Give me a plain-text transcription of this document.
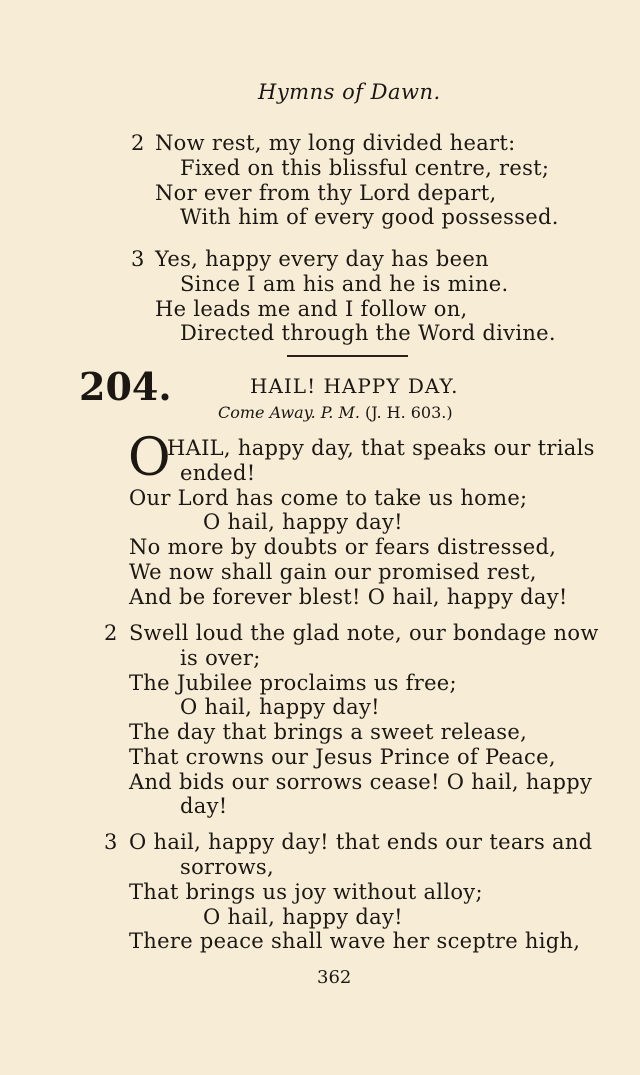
Hymns of Dawn.
2 Now rest, my long divided heart:
Fixed on this blissful centre, rest;
Nor ever from thy Lord depart,
With him of every good possessed.
3 Yes, happy every day has been
Since I am his and he is mine.
He leads me and I follow on,
Directed through the Word divine.
204.	HAIL! HAPPY DAY.
Come Away. P. M. (J. H. 603.)
O
HAIL, happy day, that speaks our trials
ended!
Our Lord has come to take us home;
O hail, happy day!
No more by doubts or fears distressed,
We now shall gain our promised rest,
And be forever blest! O hail, happy day!
2 Swell loud the glad note, our bondage now
is over;
The Jubilee proclaims us free;
O hail, happy day!
The day that brings a sweet release,
That crowns our Jesus Prince of Peace,
And bids our sorrows cease! O hail, happy
day!
3 O hail, happy day! that ends our tears and
sorrows,
That brings us joy without alloy;
O hail, happy day!
There peace shall wave her sceptre high,
362
